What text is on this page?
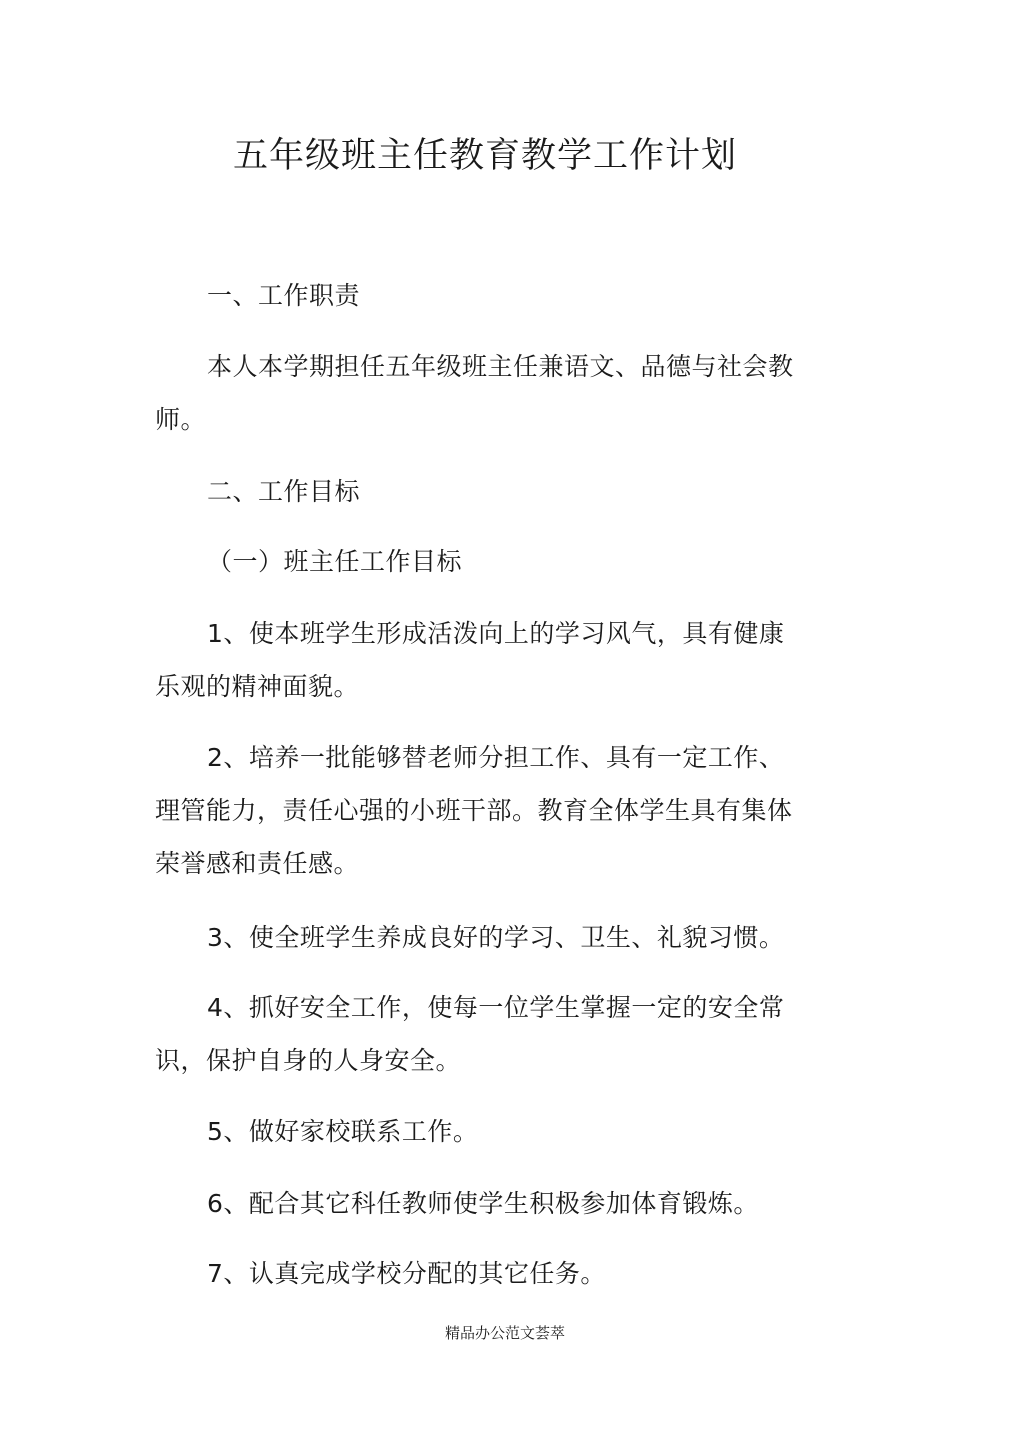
五年级班主任教育教学工作计划
一、工作职责
本人本学期担任五年级班主任兼语文、品德与社会教师。
二、工作目标
（一）班主任工作目标
1、使本班学生形成活泼向上的学习风气，具有健康乐观的精神面貌。
2、培养一批能够替老师分担工作、具有一定工作、理管能力，责任心强的小班干部。教育全体学生具有集体荣誉感和责任感。
3、使全班学生养成良好的学习、卫生、礼貌习惯。
4、抓好安全工作，使每一位学生掌握一定的安全常识，保护自身的人身安全。
5、做好家校联系工作。
6、配合其它科任教师使学生积极参加体育锻炼。
7、认真完成学校分配的其它任务。
精品办公范文荟萃
